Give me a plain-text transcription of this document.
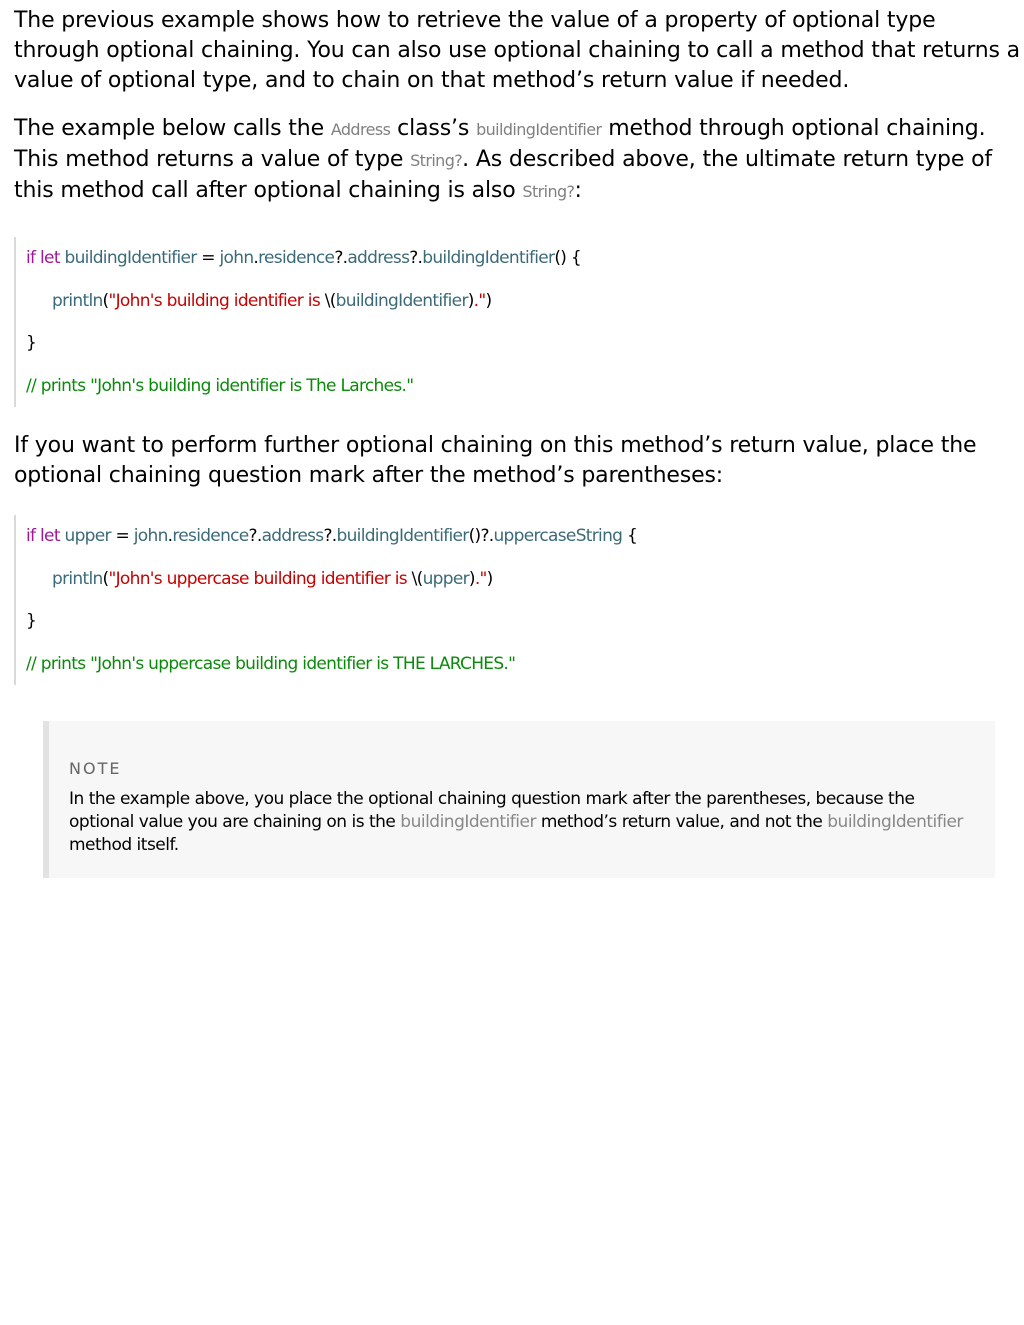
The previous example shows how to retrieve the value of a property of optional type through optional chaining. You can also use optional chaining to call a method that returns a value of optional type, and to chain on that method’s return value if needed.

The example below calls the Address class’s buildingIdentifier method through optional chaining. This method returns a value of type String?. As described above, the ultimate return type of this method call after optional chaining is also String?:

if let buildingIdentifier = john.residence?.address?.buildingIdentifier() {
println("John's building identifier is \(buildingIdentifier).")
}
// prints "John's building identifier is The Larches."

If you want to perform further optional chaining on this method’s return value, place the optional chaining question mark after the method’s parentheses:

if let upper = john.residence?.address?.buildingIdentifier()?.uppercaseString {
println("John's uppercase building identifier is \(upper).")
}
// prints "John's uppercase building identifier is THE LARCHES."
NOTE
In the example above, you place the optional chaining question mark after the parentheses, because the optional value you are chaining on is the buildingIdentifier method’s return value, and not the buildingIdentifier method itself.
